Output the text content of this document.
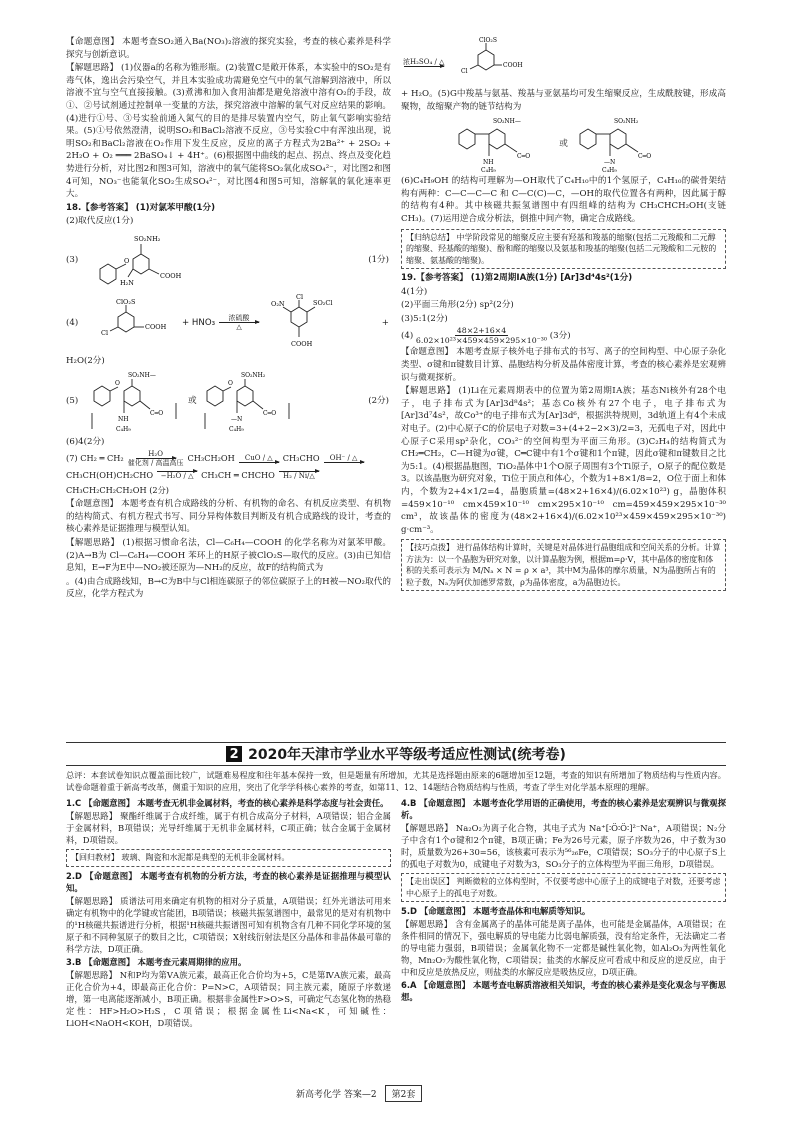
【命题意图】 本题考查SO₂通入Ba(NO₃)₂溶液的探究实验，考查的核心素养是科学探究与创新意识。

【解题思路】 (1)仪器a的名称为锥形瓶。(2)装置C是敞开体系，本实验中的SO₂是有毒气体，逸出会污染空气，并且本实验成功需避免空气中的氧气溶解到溶液中，所以溶液不宜与空气直接接触。(3)煮沸和加入食用油都是避免溶液中溶有O₂的手段，故①、②号试剂通过控制单一变量的方法，探究溶液中溶解的氧气对反应结果的影响。(4)进行①号、③号实验前通入氮气的目的是排尽装置内空气，防止氧气影响实验结果。(5)①号依然澄清，说明SO₂和BaCl₂溶液不反应，③号实验C中有浑浊出现，说明SO₂和BaCl₂溶液在O₂作用下发生反应，反应的离子方程式为2Ba²⁺ + 2SO₂ + 2H₂O + O₂ ═══ 2BaSO₄↓ + 4H⁺。(6)根据图中曲线的起点、拐点、终点及变化趋势进行分析，对比图2和图3可知，溶液中的氧气能将SO₂氧化成SO₄²⁻，对比图2和图4可知，NO₃⁻也能氧化SO₂生成SO₄²⁻，对比图4和图5可知，溶解氧的氧化速率更大。

18.【参考答案】 (1)对氯苯甲酸(1分)

(2)取代反应(1分)

(3)	O
SO₂NH₂
COOH
H₂N
(1分)
(4)
ClO₂S
Cl
COOH + HNO₃ 浓硫酸
△
O₂N
Cl
SO₂Cl
COOH
+

H₂O(2分)

(5)
SO₂NH—
O
NH
C₄H₉
C═O
或
SO₂NH₂
O
—N
C₄H₉
C═O
(2分)

(6)4(2分)

(7) CH₂ ═ CH₂	H₂O
催化剂 / 高温高压 CH₃CH₂OH CuO / △ CH₃CHO OH⁻ / △
CH₃CH(OH)CH₂CHO −H₂O / △ CH₃CH ═ CHCHO H₂ / Ni/△
CH₃CH₂CH₂CH₂OH (2分)

【命题意图】 本题考查有机合成路线的分析、有机物的命名、有机反应类型、有机物的结构简式、有机方程式书写、同分异构体数目判断及有机合成路线的设计，考查的核心素养是证据推理与模型认知。

【解题思路】 (1)根据习惯命名法，Cl—C₆H₄—COOH 的化学名称为对氯苯甲酸。(2)A→B为 Cl—C₆H₄—COOH 苯环上的H原子被ClO₂S—取代的反应。(3)由已知信息知，E→F为E中—NO₂被还原为—NH₂的反应，故F的结构简式为

。(4)由合成路线知，B→C为B中与Cl相连碳原子的邻位碳原子上的H被—NO₂取代的反应，化学方程式为

浓H₂SO₄ / △
ClO₂S
Cl
COOH

+ H₂O。(5)G中羧基与氨基、羧基与亚氨基均可发生缩聚反应，生成酰胺键，形成高聚物，故缩聚产物的链节结构为

SO₂NH—
NH
C₄H₉
C═O
或
SO₂NH₂
—N
C₄H₉
C═O

(6)C₄H₉OH 的结构可理解为—OH取代了C₄H₁₀中的1个氢原子，C₄H₁₀的碳骨架结构有两种：C—C—C—C 和 C—C(C)—C，—OH的取代位置各有两种，因此属于醇的结构有4种。其中核磁共振氢谱图中有四组峰的结构为 CH₃CHCH₂OH(支链CH₃)。(7)运用逆合成分析法，倒推中间产物，确定合成路线。

【归纳总结】 中学阶段常见的缩聚反应主要有羟基和羧基的缩聚(包括二元羧酸和二元醇的缩聚、羟基酸的缩聚)、酚和醛的缩聚以及氨基和羧基的缩聚(包括二元羧酸和二元胺的缩聚、氨基酸的缩聚)。

19.【参考答案】 (1)第2周期ⅠA族(1分) [Ar]3d⁴4s²(1分)

4(1分)

(2)平面三角形(2分) sp²(2分)

(3)5:1(2分)

$(4) \frac{48\times 2+16\times 4}{\text{6.02×10²³×459×459×295×10⁻³⁰}} (3$分)

【命题意图】 本题考查原子核外电子排布式的书写、离子的空间构型、中心原子杂化类型、σ键和π键数目计算、晶胞结构分析及晶体密度计算，考查的核心素养是宏观辨识与微观探析。

【解题思路】 (1)Li在元素周期表中的位置为第2周期ⅠA族；基态Ni核外有28个电子，电子排布式为[Ar]3d⁸4s²；基态Co核外有27个电子，电子排布式为[Ar]3d⁷4s²，故Co³⁺的电子排布式为[Ar]3d⁶，根据洪特规则，3d轨道上有4个未成对电子。(2)中心原子C的价层电子对数=3+(4+2−2×3)/2=3，无孤电子对，因此中心原子C采用sp²杂化，CO₃²⁻的空间构型为平面三角形。(3)C₂H₄的结构简式为CH₂═CH₂，C—H键为σ键，C═C键中有1个σ键和1个π键，因此σ键和π键数目之比为5:1。(4)根据晶胞图，TiO₂晶体中1个O原子周围有3个Ti原子，O原子的配位数是3。以该晶胞为研究对象，Ti位于顶点和体心，个数为1+8×1/8=2，O位于面上和体内，个数为2+4×1/2=4，晶胞质量=(48×2+16×4)/(6.02×10²³) g，晶胞体积=459×10⁻¹⁰ cm×459×10⁻¹⁰ cm×295×10⁻¹⁰ cm=459×459×295×10⁻³⁰ cm³，故该晶体的密度为(48×2+16×4)/(6.02×10²³×459×459×295×10⁻³⁰) g·cm⁻³。

【技巧点拨】 进行晶体结构计算时，关键是对晶体进行晶胞组成和空间关系的分析。计算方法为：以一个晶胞为研究对象，以计算晶胞为例，根据m=ρ·V，其中晶体的密度和体积的关系可表示为 M/Nₐ × N = ρ × a³，其中M为晶体的摩尔质量，N为晶胞所占有的粒子数，Nₐ为阿伏加德罗常数，ρ为晶体密度，a为晶胞边长。
2 2020年天津市学业水平等级考适应性测试(统考卷)

总评：本套试卷知识点覆盖面比较广，试题难易程度和往年基本保持一致，但是题量有所增加，尤其是选择题由原来的6题增加至12题，考查的知识有所增加了物质结构与性质内容。试卷命题着重于新高考改革，侧重于知识的应用，突出了化学学科核心素养的考查，如第11、12、14题结合物质结构与性质，考查了学生对化学基本原理的理解。

1.C 【命题意图】 本题考查无机非金属材料，考查的核心素养是科学态度与社会责任。

【解题思路】 聚酯纤维属于合成纤维，属于有机合成高分子材料，A项错误；铝合金属于金属材料，B项错误；光导纤维属于无机非金属材料，C项正确；钛合金属于金属材料，D项错误。

【回归教材】 玻璃、陶瓷和水泥都是典型的无机非金属材料。

2.D 【命题意图】 本题考查有机物的分析方法，考查的核心素养是证据推理与模型认知。

【解题思路】 质谱法可用来确定有机物的相对分子质量，A项错误；红外光谱法可用来确定有机物中的化学键或官能团，B项错误；核磁共振氢谱图中，最常见的是对有机物中的¹H核磁共振谱进行分析，根据¹H核磁共振谱图可知有机物含有几种不同化学环境的氢原子和不同种氢原子的数目之比，C项错误；X射线衍射法是区分晶体和非晶体最可靠的科学方法，D项正确。

3.B 【命题意图】 本题考查元素周期律的应用。

【解题思路】 N和P均为第ⅤA族元素，最高正化合价均为+5，C是第ⅣA族元素，最高正化合价为+4，即最高正化合价：P=N>C，A项错误；同主族元素，随原子序数递增，第一电离能逐渐减小，B项正确。根据非金属性F>O>S，可确定气态氢化物的热稳定性：HF>H₂O>H₂S，C项错误；根据金属性Li<Na<K，可知碱性：LiOH<NaOH<KOH，D项错误。

4.B 【命题意图】 本题考查化学用语的正确使用，考查的核心素养是宏观辨识与微观探析。

【解题思路】 Na₂O₂为离子化合物，其电子式为 Na⁺[∶Ö∶Ö∶]²⁻Na⁺，A项错误；N₂分子中含有1个σ键和2个π键，B项正确；Fe为26号元素，原子序数为26，中子数为30时，质量数为26+30=56，该核素可表示为⁵⁶₂₆Fe，C项错误；SO₃分子的中心原子S上的孤电子对数为0，成键电子对数为3，SO₃分子的立体构型为平面三角形，D项错误。

【走出误区】 判断微粒的立体构型时，不仅要考虑中心原子上的成键电子对数，还要考虑中心原子上的孤电子对数。

5.D 【命题意图】 本题考查晶体和电解质等知识。

【解题思路】 含有金属离子的晶体可能是离子晶体，也可能是金属晶体，A项错误；在条件相同的情况下，强电解质的导电能力比弱电解质强，没有给定条件，无法确定二者的导电能力强弱，B项错误；金属氧化物不一定都是碱性氧化物，如Al₂O₃为两性氧化物，Mn₂O₇为酸性氧化物，C项错误；盐类的水解反应可看成中和反应的逆反应，由于中和反应是放热反应，则盐类的水解反应是吸热反应，D项正确。

6.A 【命题意图】 本题考查电解质溶液相关知识，考查的核心素养是变化观念与平衡思想。

新高考化学 答案—2	第2套
